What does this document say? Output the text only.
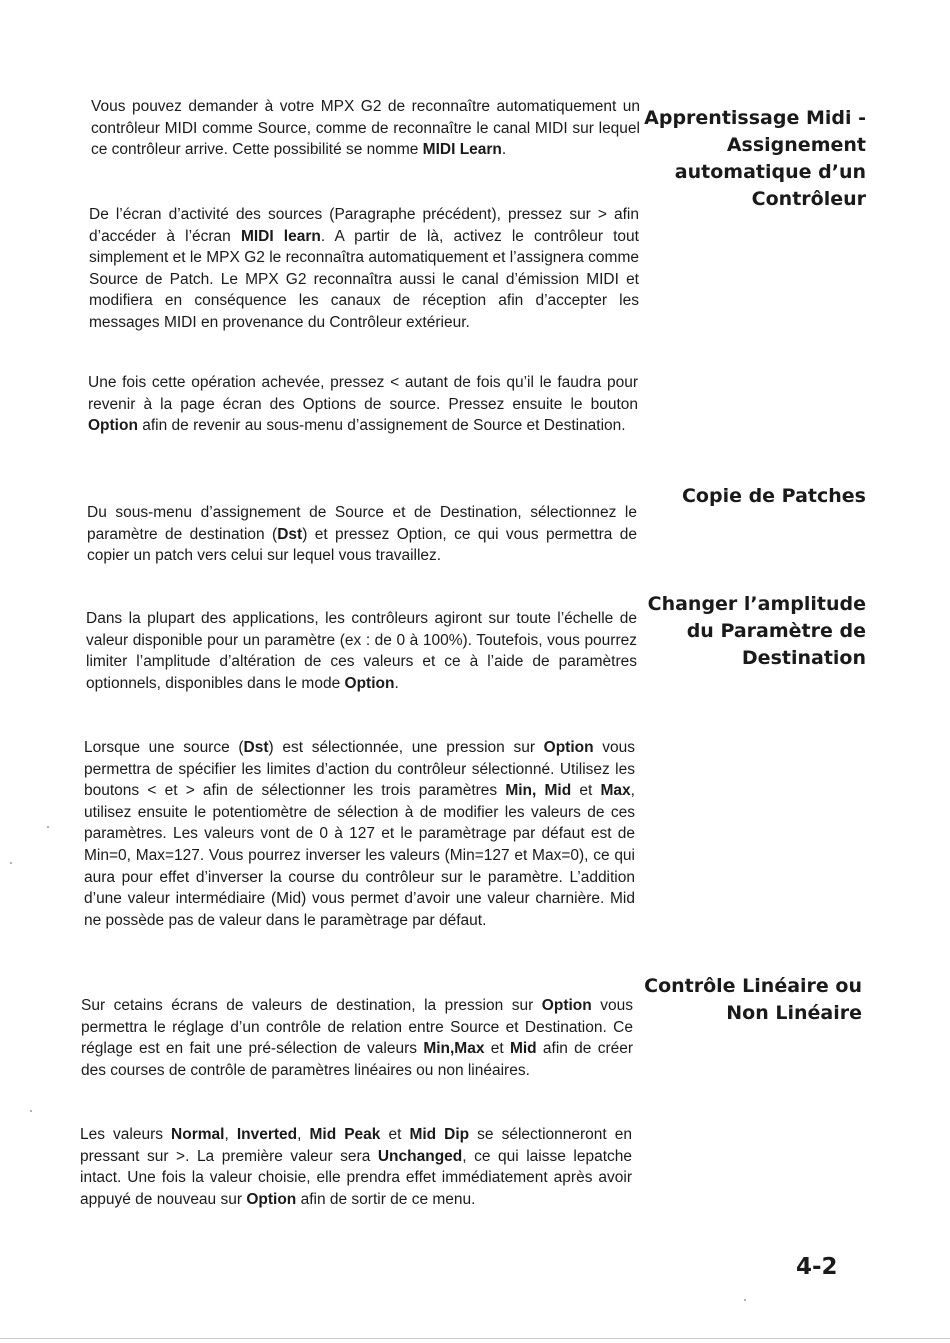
Vous pouvez demander à votre MPX G2 de reconnaître automatiquement un contrôleur MIDI comme Source, comme de reconnaître le canal MIDI sur lequel ce contrôleur arrive. Cette possibilité se nomme MIDI Learn.

De l’écran d’activité des sources (Paragraphe précédent), pressez sur > afin d’accéder à l’écran MIDI learn. A partir de là, activez le contrôleur tout simplement et le MPX G2 le reconnaîtra automatiquement et l’assignera comme Source de Patch. Le MPX G2 reconnaîtra aussi le canal d’émission MIDI et modifiera en conséquence les canaux de réception afin d’accepter les messages MIDI en provenance du Contrôleur extérieur.

Une fois cette opération achevée, pressez < autant de fois qu’il le faudra pour revenir à la page écran des Options de source. Pressez ensuite le bouton Option afin de revenir au sous-menu d’assignement de Source et Destination.

Du sous-menu d’assignement de Source et de Destination, sélectionnez le paramètre de destination (Dst) et pressez Option, ce qui vous permettra de copier un patch vers celui sur lequel vous travaillez.

Dans la plupart des applications, les contrôleurs agiront sur toute l’échelle de valeur disponible pour un paramètre (ex : de 0 à 100%). Toutefois, vous pourrez limiter l’amplitude d’altération de ces valeurs et ce à l’aide de paramètres optionnels, disponibles dans le mode Option.

Lorsque une source (Dst) est sélectionnée, une pression sur Option vous permettra de spécifier les limites d’action du contrôleur sélectionné. Utilisez les boutons < et > afin de sélectionner les trois paramètres Min, Mid et Max, utilisez ensuite le potentiomètre de sélection à de modifier les valeurs de ces paramètres. Les valeurs vont de 0 à 127 et le paramètrage par défaut est de Min=0, Max=127. Vous pourrez inverser les valeurs (Min=127 et Max=0), ce qui aura pour effet d’inverser la course du contrôleur sur le paramètre. L’addition d’une valeur intermédiaire (Mid) vous permet d’avoir une valeur charnière. Mid ne possède pas de valeur dans le paramètrage par défaut.

Sur cetains écrans de valeurs de destination, la pression sur Option vous permettra le réglage d’un contrôle de relation entre Source et Destination. Ce réglage est en fait une pré-sélection de valeurs Min,Max et Mid afin de créer des courses de contrôle de paramètres linéaires ou non linéaires.

Les valeurs Normal, Inverted, Mid Peak et Mid Dip se sélectionneront en pressant sur >. La première valeur sera Unchanged, ce qui laisse lepatche intact. Une fois la valeur choisie, elle prendra effet immédiatement après avoir appuyé de nouveau sur Option afin de sortir de ce menu.

Apprentissage Midi -
Assignement
automatique d’un
Contrôleur
Copie de Patches
Changer l’amplitude
du Paramètre de
Destination
Contrôle Linéaire ou
Non Linéaire
4-2
